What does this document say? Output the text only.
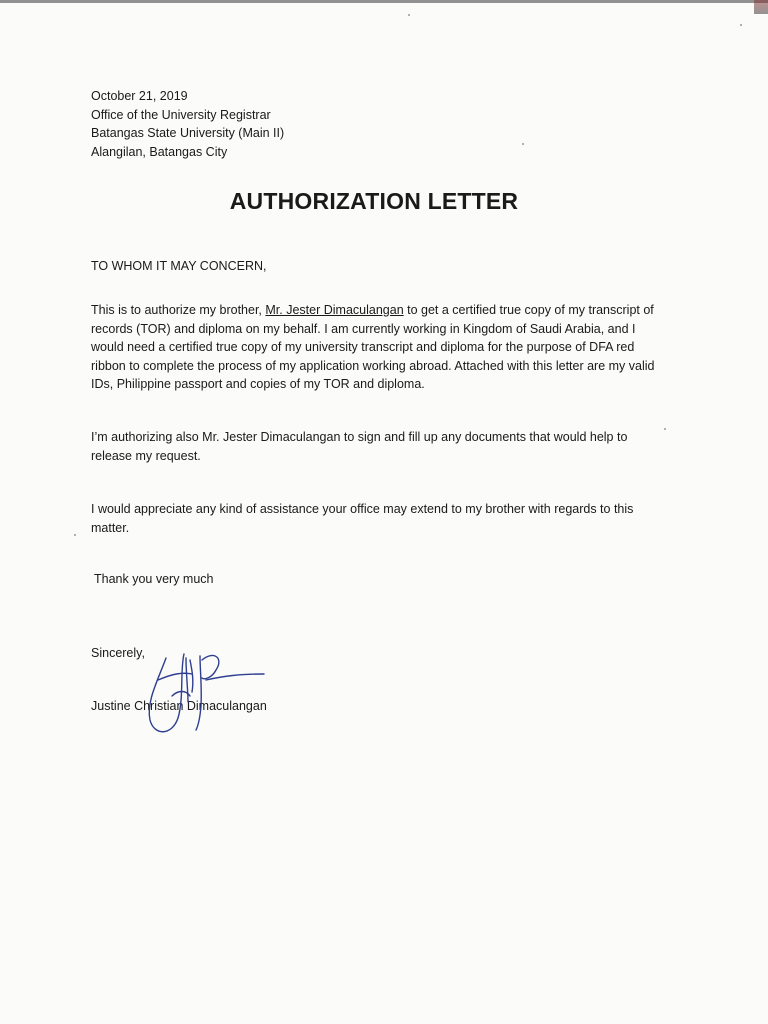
October 21, 2019
Office of the University Registrar
Batangas State University (Main II)
Alangilan, Batangas City
AUTHORIZATION LETTER
TO WHOM IT MAY CONCERN,
This is to authorize my brother, Mr. Jester Dimaculangan to get a certified true copy of my transcript of records (TOR) and diploma on my behalf. I am currently working in Kingdom of Saudi Arabia, and I would need a certified true copy of my university transcript and diploma for the purpose of DFA red ribbon to complete the process of my application working abroad. Attached with this letter are my valid IDs, Philippine passport and copies of my TOR and diploma.
I’m authorizing also Mr. Jester Dimaculangan to sign and fill up any documents that would help to release my request.
I would appreciate any kind of assistance your office may extend to my brother with regards to this matter.
Thank you very much
Sincerely,
Justine Christian Dimaculangan
